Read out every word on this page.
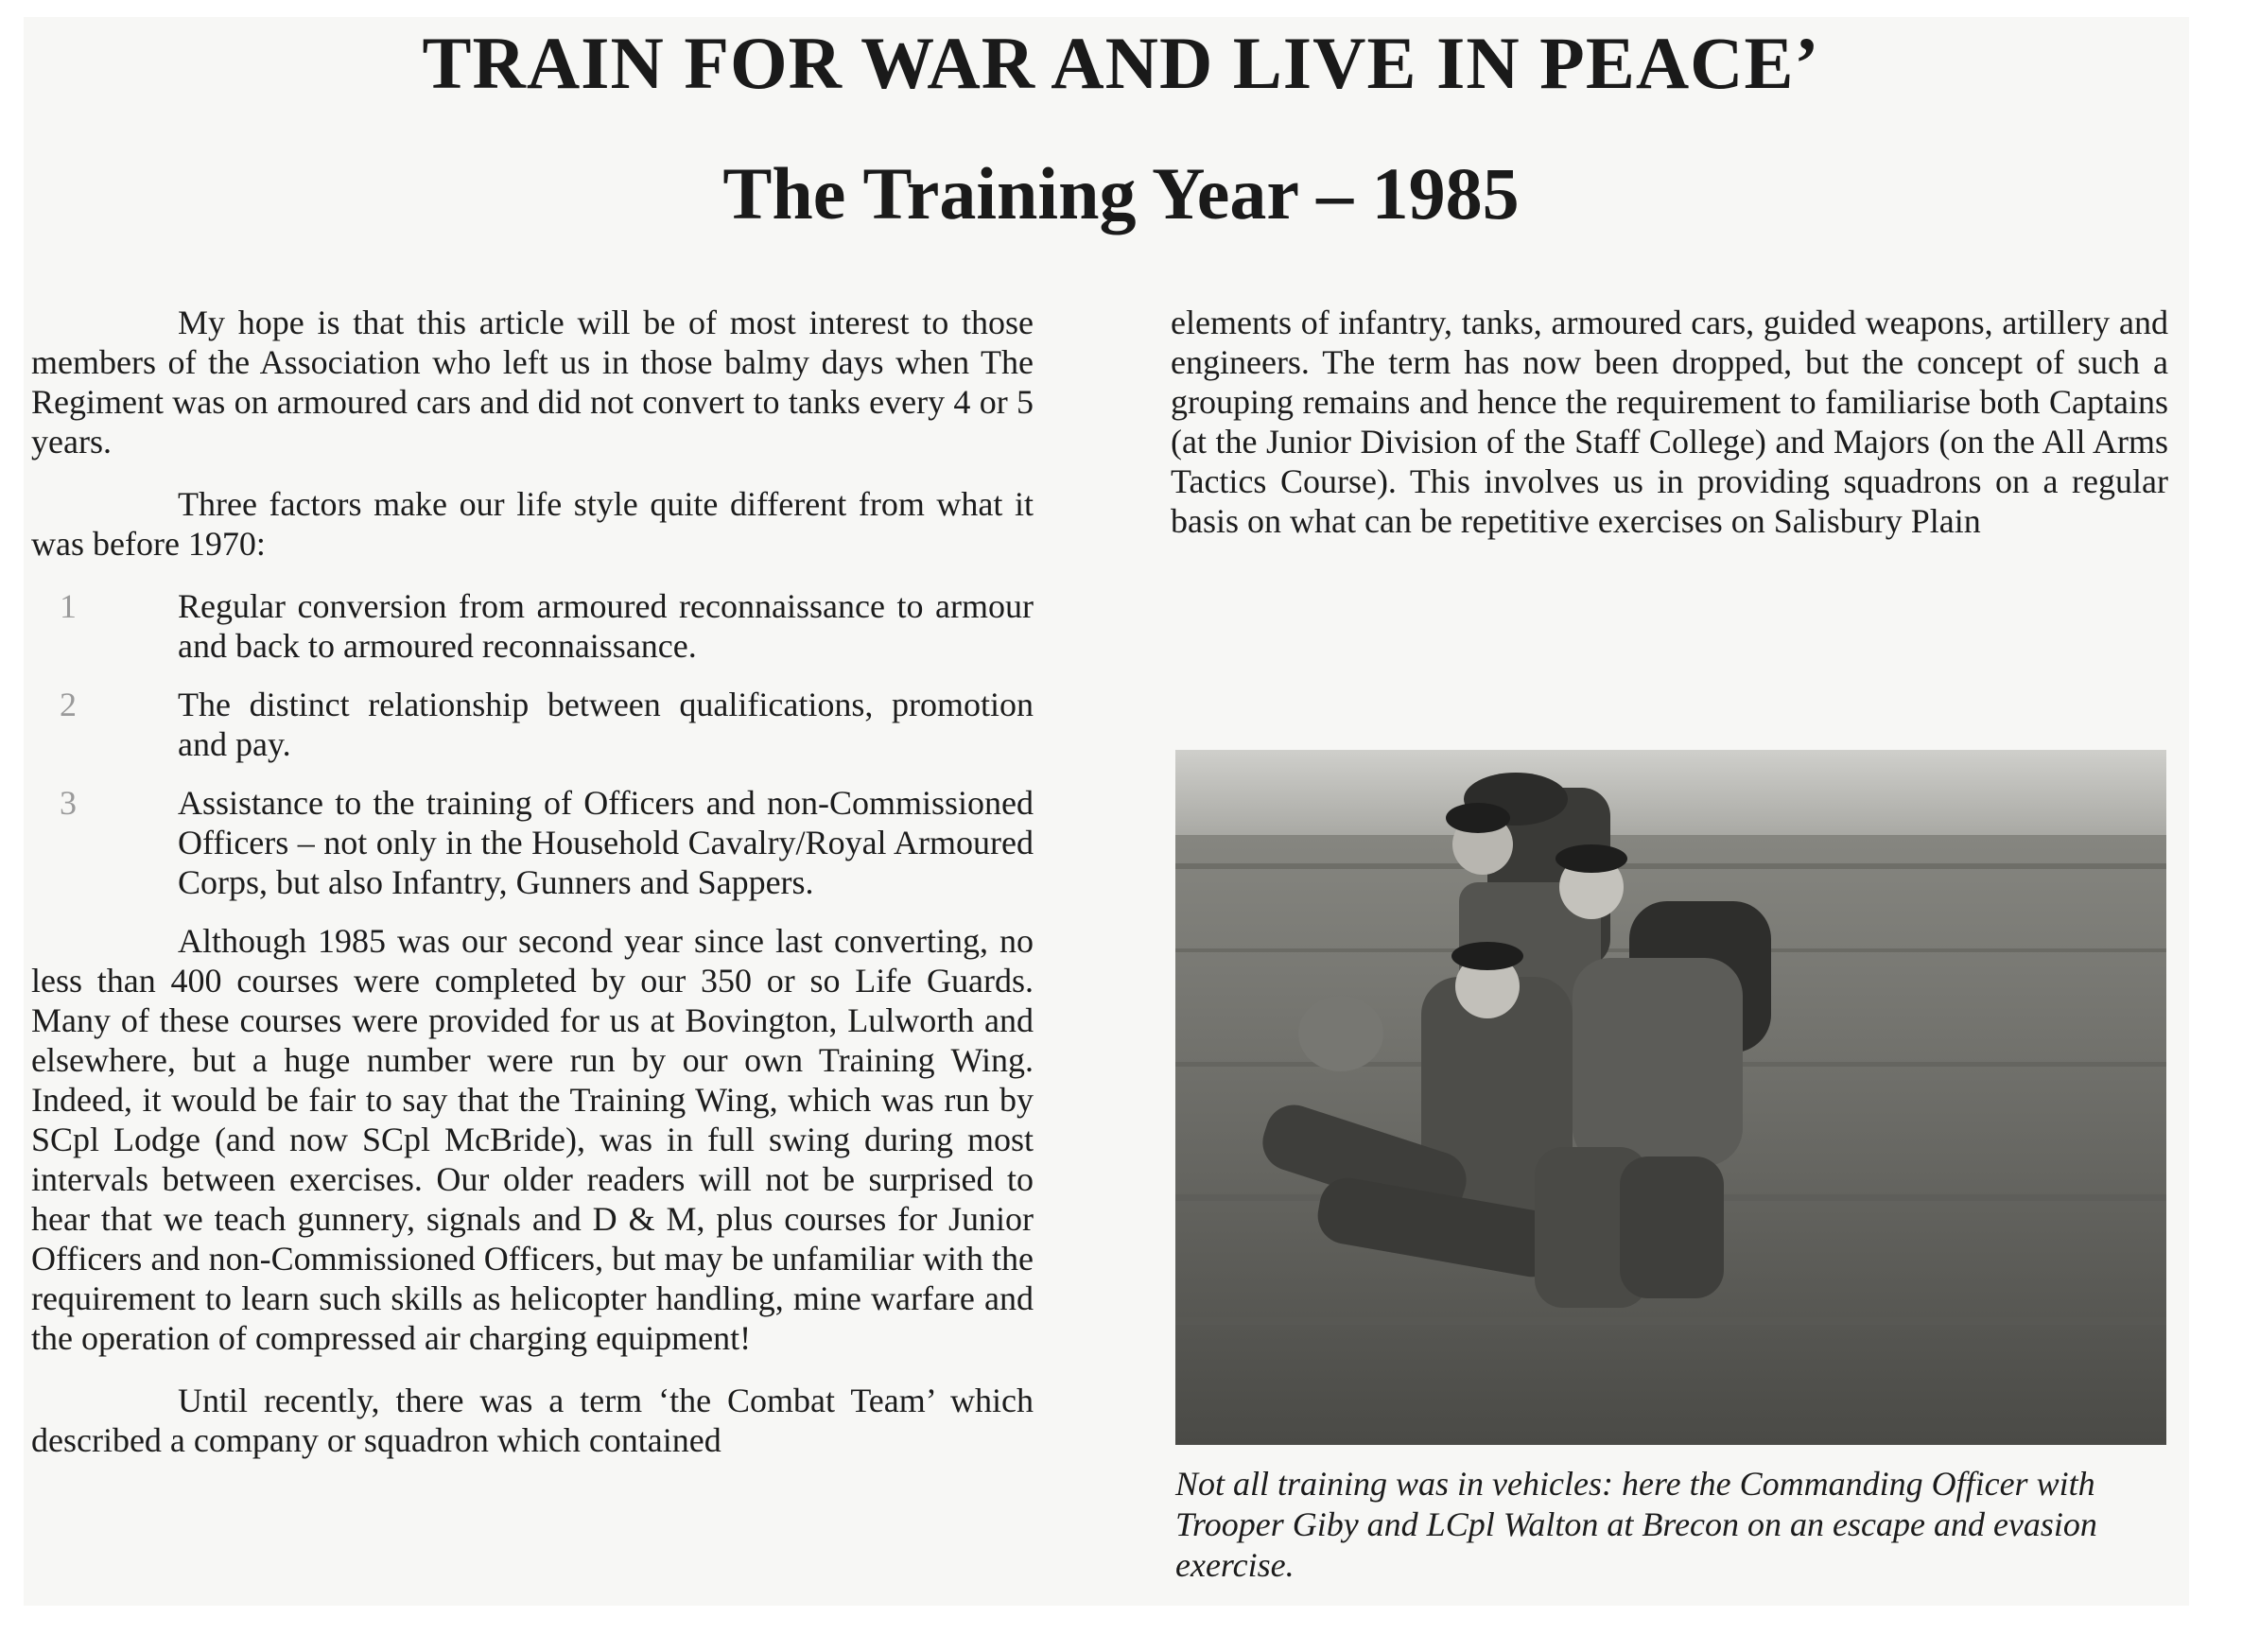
TRAIN FOR WAR AND LIVE IN PEACE’
The Training Year – 1985

My hope is that this article will be of most interest to those members of the Association who left us in those balmy days when The Regiment was on armoured cars and did not convert to tanks every 4 or 5 years.

Three factors make our life style quite different from what it was before 1970:

1	Regular conversion from armoured reconnaissance to armour and back to armoured reconnaissance.
2	The distinct relationship between qualifications, promotion and pay.
3	Assistance to the training of Officers and non-Commissioned Officers – not only in the Household Cavalry/Royal Armoured Corps, but also Infantry, Gunners and Sappers.

Although 1985 was our second year since last converting, no less than 400 courses were completed by our 350 or so Life Guards. Many of these courses were provided for us at Bovington, Lulworth and elsewhere, but a huge number were run by our own Training Wing. Indeed, it would be fair to say that the Training Wing, which was run by SCpl Lodge (and now SCpl McBride), was in full swing during most intervals between exercises. Our older readers will not be surprised to hear that we teach gunnery, signals and D & M, plus courses for Junior Officers and non-Commissioned Officers, but may be unfamiliar with the requirement to learn such skills as helicopter handling, mine warfare and the operation of compressed air charging equipment!

Until recently, there was a term ‘the Combat Team’ which described a company or squadron which contained

elements of infantry, tanks, armoured cars, guided weapons, artillery and engineers. The term has now been dropped, but the concept of such a grouping remains and hence the requirement to familiarise both Captains (at the Junior Division of the Staff College) and Majors (on the All Arms Tactics Course). This involves us in providing squadrons on a regular basis on what can be repetitive exercises on Salisbury Plain

Not all training was in vehicles: here the Commanding Officer with Trooper Giby and LCpl Walton at Brecon on an escape and evasion exercise.
